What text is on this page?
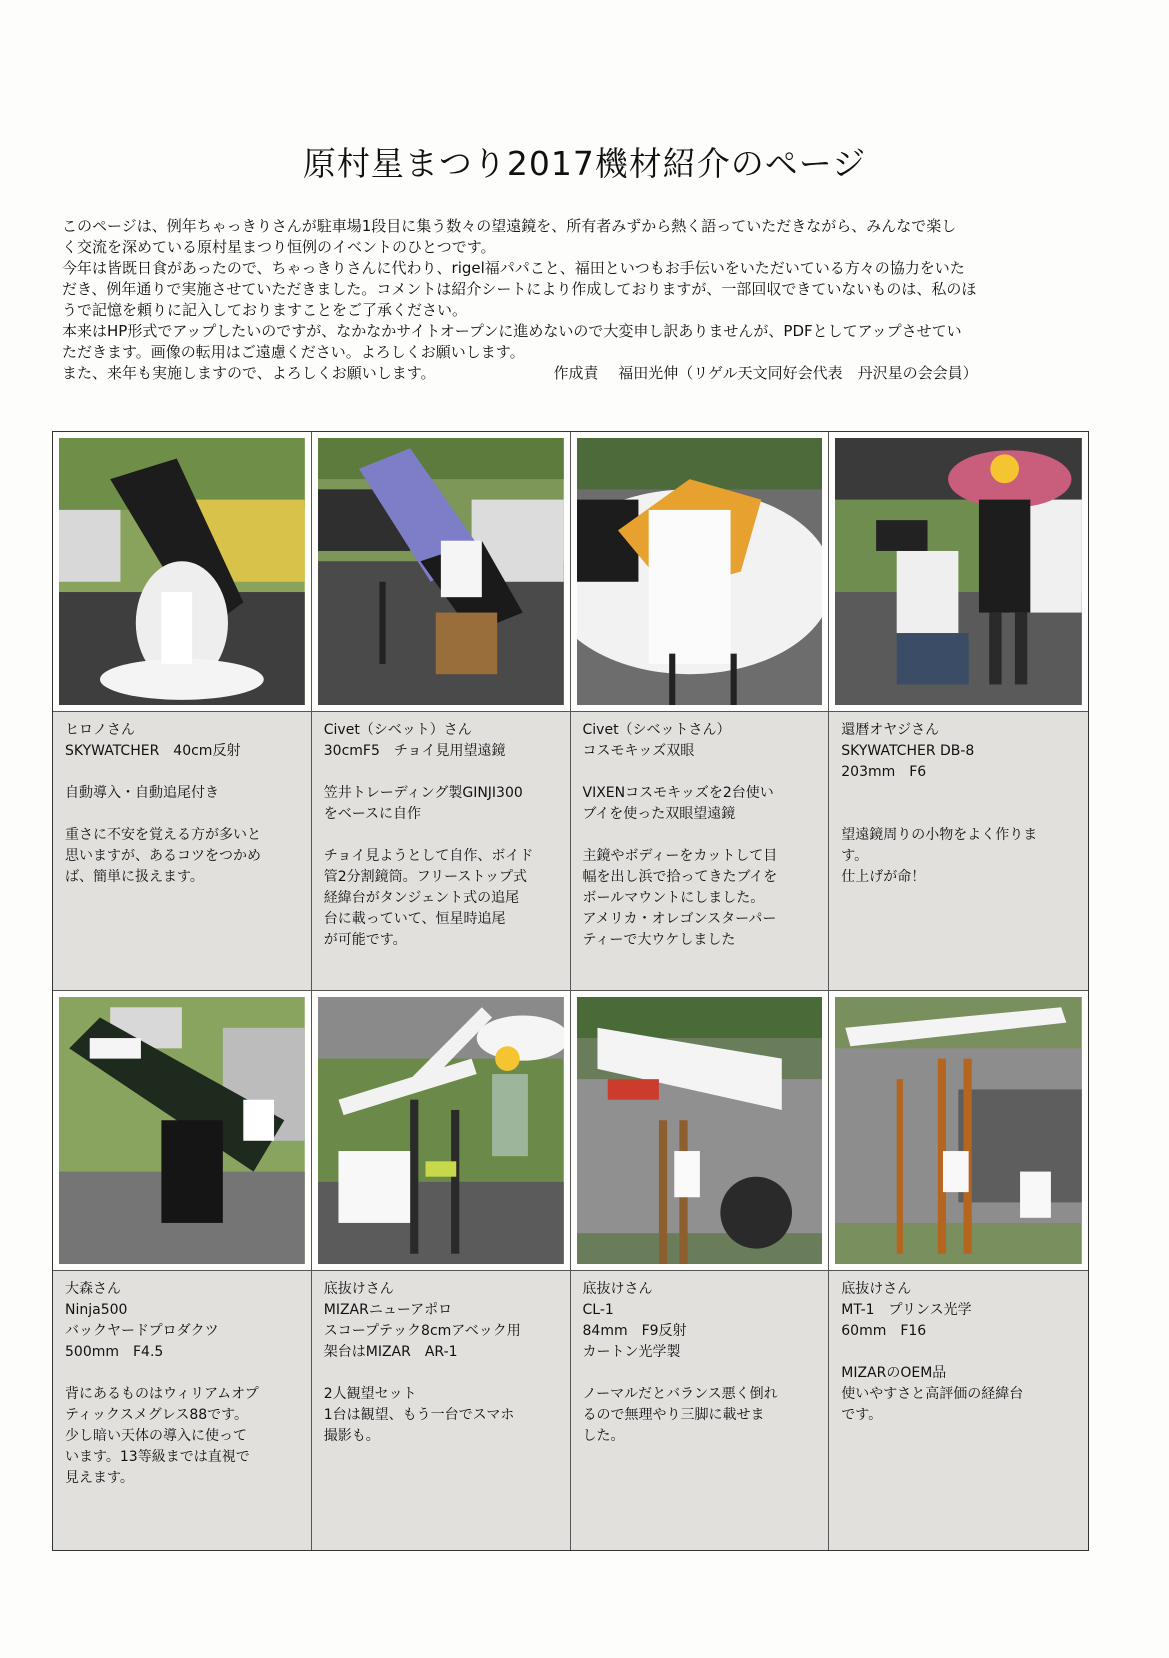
原村星まつり2017機材紹介のページ

このページは、例年ちゃっきりさんが駐車場1段目に集う数々の望遠鏡を、所有者みずから熱く語っていただきながら、みんなで楽し

く交流を深めている原村星まつり恒例のイベントのひとつです。

今年は皆既日食があったので、ちゃっきりさんに代わり、rigel福パパこと、福田といつもお手伝いをいただいている方々の協力をいた

だき、例年通りで実施させていただきました。コメントは紹介シートにより作成しておりますが、一部回収できていないものは、私のほ

うで記憶を頼りに記入しておりますことをご了承ください。

本来はHP形式でアップしたいのですが、なかなかサイトオープンに進めないので大変申し訳ありませんが、PDFとしてアップさせてい

ただきます。画像の転用はご遠慮ください。よろしくお願いします。

また、来年も実施しますので、よろしくお願いします。	作成責　 福田光伸（リゲル天文同好会代表　丹沢星の会会員）

ヒロノさん
SKYWATCHER　40cm反射
自動導入・自動追尾付き
重さに不安を覚える方が多いと
思いますが、あるコツをつかめ
ば、簡単に扱えます。
Civet（シベット）さん
30cmF5　チョイ見用望遠鏡
笠井トレーディング製GINJI300
をベースに自作
チョイ見ようとして自作、ボイド
管2分割鏡筒。フリーストップ式
経緯台がタンジェント式の追尾
台に載っていて、恒星時追尾
が可能です。
Civet（シベットさん）
コスモキッズ双眼
VIXENコスモキッズを2台使い
ブイを使った双眼望遠鏡
主鏡やボディーをカットして目
幅を出し浜で拾ってきたブイを
ボールマウントにしました。
アメリカ・オレゴンスターパー
ティーで大ウケしました
還暦オヤジさん
SKYWATCHER DB-8
203mm　F6
望遠鏡周りの小物をよく作りま
す。
仕上げが命！
大森さん
Ninja500
バックヤードプロダクツ
500mm　F4.5
背にあるものはウィリアムオプ
ティックスメグレス88です。
少し暗い天体の導入に使って
います。13等級までは直視で
見えます。
底抜けさん
MIZARニューアポロ
スコープテック8cmアベック用
架台はMIZAR　AR-1
2人観望セット
1台は観望、もう一台でスマホ
撮影も。
底抜けさん
CL-1
84mm　F9反射
カートン光学製
ノーマルだとバランス悪く倒れ
るので無理やり三脚に載せま
した。
底抜けさん
MT-1　プリンス光学
60mm　F16
MIZARのOEM品
使いやすさと高評価の経緯台
です。
